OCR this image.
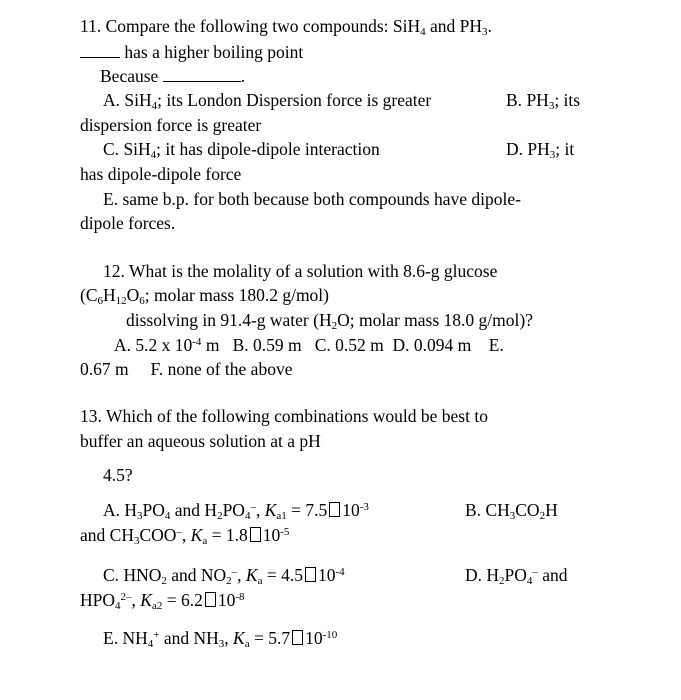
11. Compare the following two compounds: SiH$_4$ and $PH_3$.
has a higher boiling point
Because	.
A. SiH$_4$; its London Dispersion force is greater	B. $PH_3$; its
dispersion force is greater
C. SiH$_4$; it has dipole-dipole interaction	D. $PH_3$; it
has dipole-dipole force
E. same b.p. for both because both compounds have dipole-
dipole forces.
12. What is the molality of a solution with 8.6-g glucose
($C_6H_{12}O_6$; molar mass 180.2 g/mol)
dissolving in 91.4-g water ($H_2O$; molar mass 18.0 g/mol)?
A. 5.2 x $10^{-4}$ m B. 0.59 m C. 0.52 m D. 0.094 m E.
0.67 m F. none of the above
13. Which of the following combinations would be best to
buffer an aqueous solution at a pH
4.5?
A. $H_3PO_4$ and $H_2PO_4^-$, $K_{a1} = 7.5$ $10^{-3}$	B. $CH_3CO_2H$
and $CH_3COO^-$, $K_a = 1.8$ $10^{-5}$
C. $HNO_2$ and $NO_2^-$, $K_a = 4.5$ $10^{-4}$	D. $H_2PO_4^-$ and
$HPO_4^{2-}$, $K_{a2} = 6.2$ $10^{-8}$
E. $NH_4^+$ and $NH_3$, $K_a = 5.7$ $10^{-10}$
